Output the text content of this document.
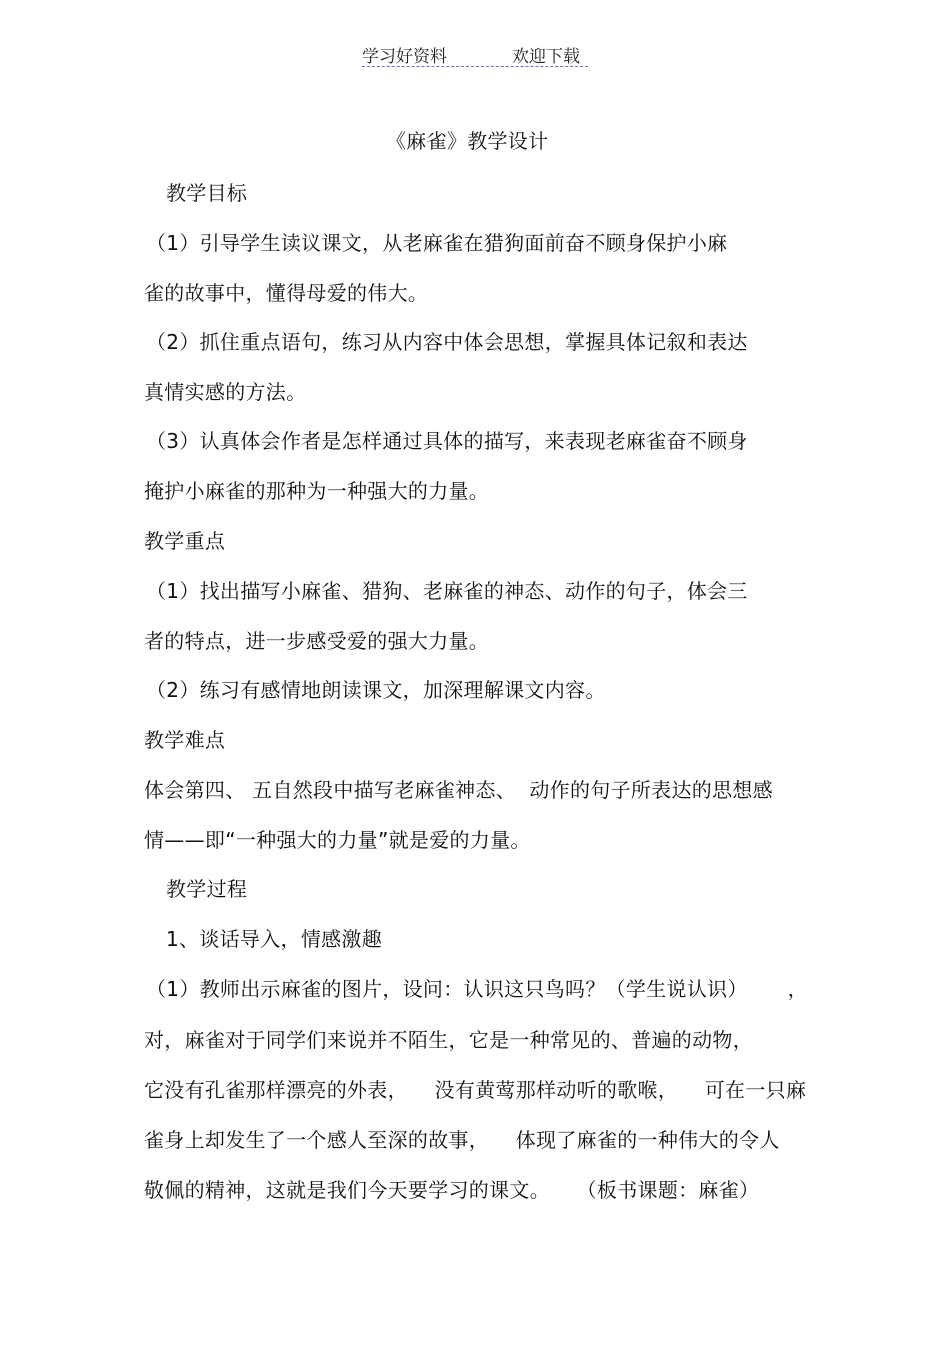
学习好资料	欢迎下载
《麻雀》教学设计
教学目标
（1）引导学生读议课文，从老麻雀在猎狗面前奋不顾身保护小麻
雀的故事中，懂得母爱的伟大。
（2）抓住重点语句，练习从内容中体会思想，掌握具体记叙和表达
真情实感的方法。
（3）认真体会作者是怎样通过具体的描写，来表现老麻雀奋不顾身
掩护小麻雀的那种为一种强大的力量。
教学重点
（1）找出描写小麻雀、猎狗、老麻雀的神态、动作的句子，体会三
者的特点，进一步感受爱的强大力量。
（2）练习有感情地朗读课文，加深理解课文内容。
教学难点
体会第四、 五自然段中描写老麻雀神态、  动作的句子所表达的思想感
情——即“一种强大的力量”就是爱的力量。
教学过程
1、谈话导入，情感激趣
（1）教师出示麻雀的图片，设问：认识这只鸟吗？（学生说认识）      ，
对，麻雀对于同学们来说并不陌生，它是一种常见的、普遍的动物，
它没有孔雀那样漂亮的外表，    没有黄莺那样动听的歌喉，    可在一只麻
雀身上却发生了一个感人至深的故事，    体现了麻雀的一种伟大的令人
敬佩的精神，这就是我们今天要学习的课文。    （板书课题：麻雀）
